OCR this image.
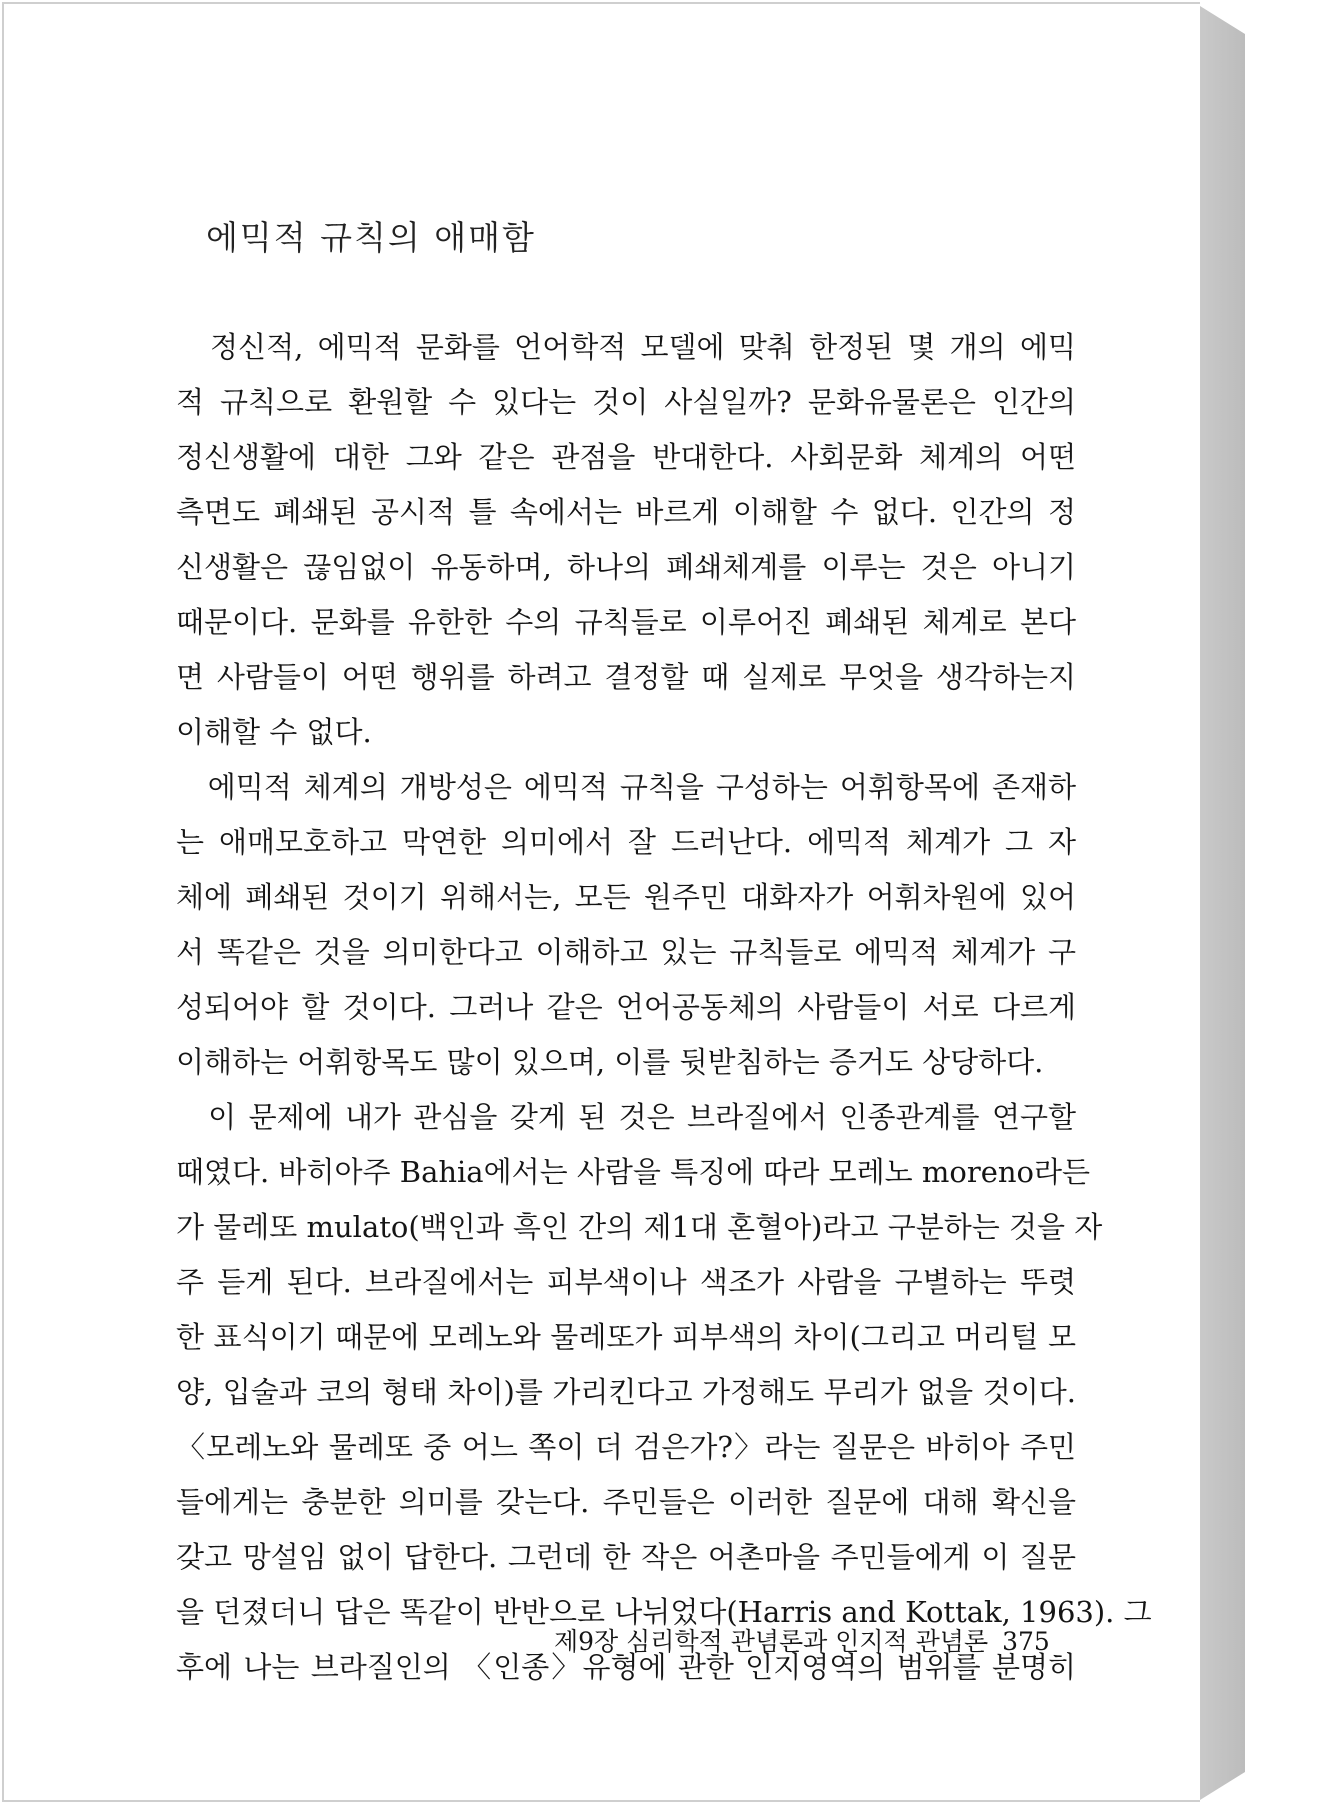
에믹적 규칙의 애매함
　정신적, 에믹적 문화를 언어학적 모델에 맞춰 한정된 몇 개의 에믹
적 규칙으로 환원할 수 있다는 것이 사실일까? 문화유물론은 인간의
정신생활에 대한 그와 같은 관점을 반대한다. 사회문화 체계의 어떤
측면도 폐쇄된 공시적 틀 속에서는 바르게 이해할 수 없다. 인간의 정
신생활은 끊임없이 유동하며, 하나의 폐쇄체계를 이루는 것은 아니기
때문이다. 문화를 유한한 수의 규칙들로 이루어진 폐쇄된 체계로 본다
면 사람들이 어떤 행위를 하려고 결정할 때 실제로 무엇을 생각하는지
이해할 수 없다.
　에믹적 체계의 개방성은 에믹적 규칙을 구성하는 어휘항목에 존재하
는 애매모호하고 막연한 의미에서 잘 드러난다. 에믹적 체계가 그 자
체에 폐쇄된 것이기 위해서는, 모든 원주민 대화자가 어휘차원에 있어
서 똑같은 것을 의미한다고 이해하고 있는 규칙들로 에믹적 체계가 구
성되어야 할 것이다. 그러나 같은 언어공동체의 사람들이 서로 다르게
이해하는 어휘항목도 많이 있으며, 이를 뒷받침하는 증거도 상당하다.
　이 문제에 내가 관심을 갖게 된 것은 브라질에서 인종관계를 연구할
때였다. 바히아주 Bahia에서는 사람을 특징에 따라 모레노 moreno라든
가 물레또 mulato(백인과 흑인 간의 제1대 혼혈아)라고 구분하는 것을 자
주 듣게 된다. 브라질에서는 피부색이나 색조가 사람을 구별하는 뚜렷
한 표식이기 때문에 모레노와 물레또가 피부색의 차이(그리고 머리털 모
양, 입술과 코의 형태 차이)를 가리킨다고 가정해도 무리가 없을 것이다.
〈모레노와 물레또 중 어느 쪽이 더 검은가?〉라는 질문은 바히아 주민
들에게는 충분한 의미를 갖는다. 주민들은 이러한 질문에 대해 확신을
갖고 망설임 없이 답한다. 그런데 한 작은 어촌마을 주민들에게 이 질문
을 던졌더니 답은 똑같이 반반으로 나뉘었다(Harris and Kottak, 1963). 그
후에 나는 브라질인의 〈인종〉유형에 관한 인지영역의 범위를 분명히
제9장 심리학적 관념론과 인지적 관념론 375
